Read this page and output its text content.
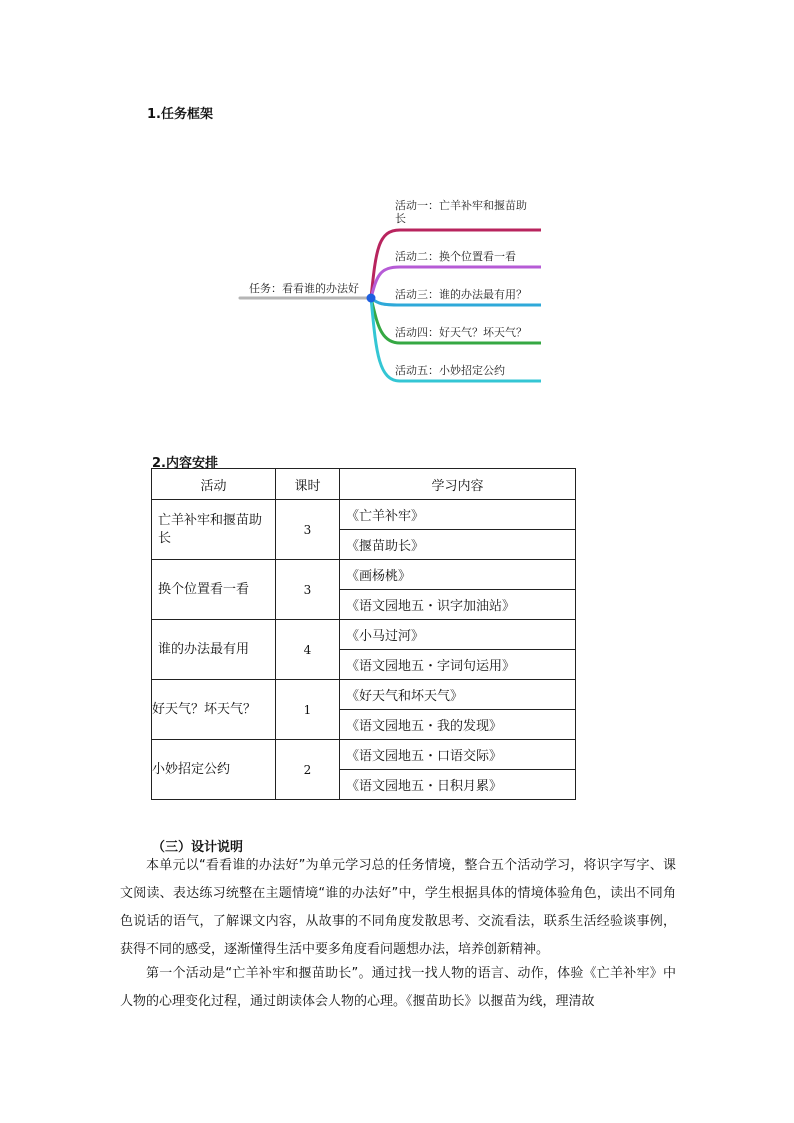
1.任务框架
任务：看看谁的办法好
活动一：亡羊补牢和揠苗助
长
活动二：换个位置看一看
活动三：谁的办法最有用？
活动四：好天气？坏天气？
活动五：小妙招定公约
2.内容安排
活动	课时	学习内容
亡羊补牢和揠苗助长	3	《亡羊补牢》
		《揠苗助长》
换个位置看一看	3	《画杨桃》
		《语文园地五・识字加油站》
谁的办法最有用	4	《小马过河》
		《语文园地五・字词句运用》
好天气？坏天气？	1	《好天气和坏天气》
		《语文园地五・我的发现》
小妙招定公约	2	《语文园地五・口语交际》
		《语文园地五・日积月累》
（三）设计说明

本单元以“看看谁的办法好”为单元学习总的任务情境，整合五个活动学习，将识字写字、课文阅读、表达练习统整在主题情境“谁的办法好”中，学生根据具体的情境体验角色，读出不同角色说话的语气，了解课文内容，从故事的不同角度发散思考、交流看法，联系生活经验谈事例，获得不同的感受，逐渐懂得生活中要多角度看问题想办法，培养创新精神。

第一个活动是“亡羊补牢和揠苗助长”。通过找一找人物的语言、动作，体验《亡羊补牢》中人物的心理变化过程，通过朗读体会人物的心理。《揠苗助长》以揠苗为线，理清故
